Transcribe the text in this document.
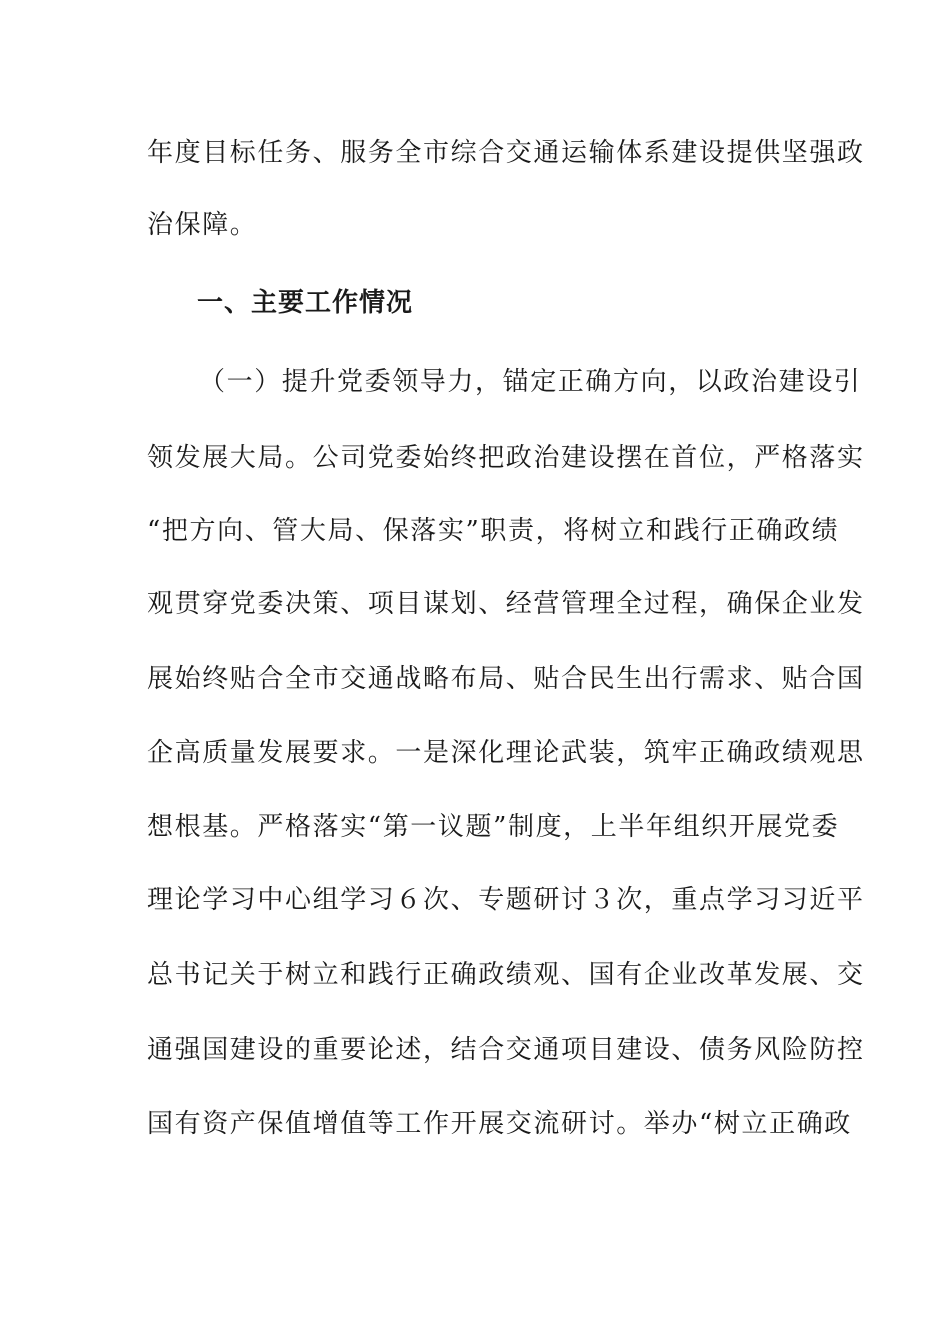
年度目标任务、服务全市综合交通运输体系建设提供坚强政
治保障。
一、主要工作情况
（一）提升党委领导力，锚定正确方向，以政治建设引
领发展大局。公司党委始终把政治建设摆在首位，严格落实
“把方向、管大局、保落实”职责，将树立和践行正确政绩
观贯穿党委决策、项目谋划、经营管理全过程，确保企业发
展始终贴合全市交通战略布局、贴合民生出行需求、贴合国
企高质量发展要求。一是深化理论武装，筑牢正确政绩观思
想根基。严格落实“第一议题”制度，上半年组织开展党委
理论学习中心组学习６次、专题研讨３次，重点学习习近平
总书记关于树立和践行正确政绩观、国有企业改革发展、交
通强国建设的重要论述，结合交通项目建设、债务风险防控
国有资产保值增值等工作开展交流研讨。举办“树立正确政
